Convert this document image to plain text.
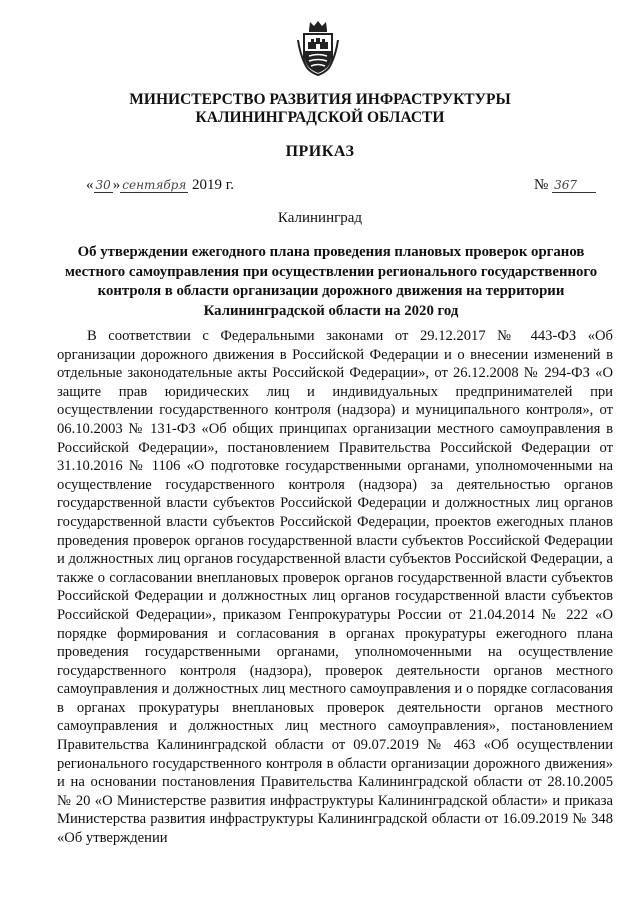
МИНИСТЕРСТВО РАЗВИТИЯ ИНФРАСТРУКТУРЫ
КАЛИНИНГРАДСКОЙ ОБЛАСТИ
ПРИКАЗ
« 30 » сентября 2019 г.	№ 367
Калининград
Об утверждении ежегодного плана проведения плановых проверок органов местного самоуправления при осуществлении регионального государственного контроля в области организации дорожного движения на территории Калининградской области на 2020 год
В соответствии с Федеральными законами от 29.12.2017 № 443-ФЗ «Об организации дорожного движения в Российской Федерации и о внесении изменений в отдельные законодательные акты Российской Федерации», от 26.12.2008 № 294-ФЗ «О защите прав юридических лиц и индивидуальных предпринимателей при осуществлении государственного контроля (надзора) и муниципального контроля», от 06.10.2003 № 131-ФЗ «Об общих принципах организации местного самоуправления в Российской Федерации», постановлением Правительства Российской Федерации от 31.10.2016 № 1106 «О подготовке государственными органами, уполномоченными на осуществление государственного контроля (надзора) за деятельностью органов государственной власти субъектов Российской Федерации и должностных лиц органов государственной власти субъектов Российской Федерации, проектов ежегодных планов проведения проверок органов государственной власти субъектов Российской Федерации и должностных лиц органов государственной власти субъектов Российской Федерации, а также о согласовании внеплановых проверок органов государственной власти субъектов Российской Федерации и должностных лиц органов государственной власти субъектов Российской Федерации», приказом Генпрокуратуры России от 21.04.2014 № 222 «О порядке формирования и согласования в органах прокуратуры ежегодного плана проведения государственными органами, уполномоченными на осуществление государственного контроля (надзора), проверок деятельности органов местного самоуправления и должностных лиц местного самоуправления и о порядке согласования в органах прокуратуры внеплановых проверок деятельности органов местного самоуправления и должностных лиц местного самоуправления», постановлением Правительства Калининградской области от 09.07.2019 № 463 «Об осуществлении регионального государственного контроля в области организации дорожного движения» и на основании постановления Правительства Калининградской области от 28.10.2005 № 20 «О Министерстве развития инфраструктуры Калининградской области» и приказа Министерства развития инфраструктуры Калининградской области от 16.09.2019 № 348 «Об утверждении
